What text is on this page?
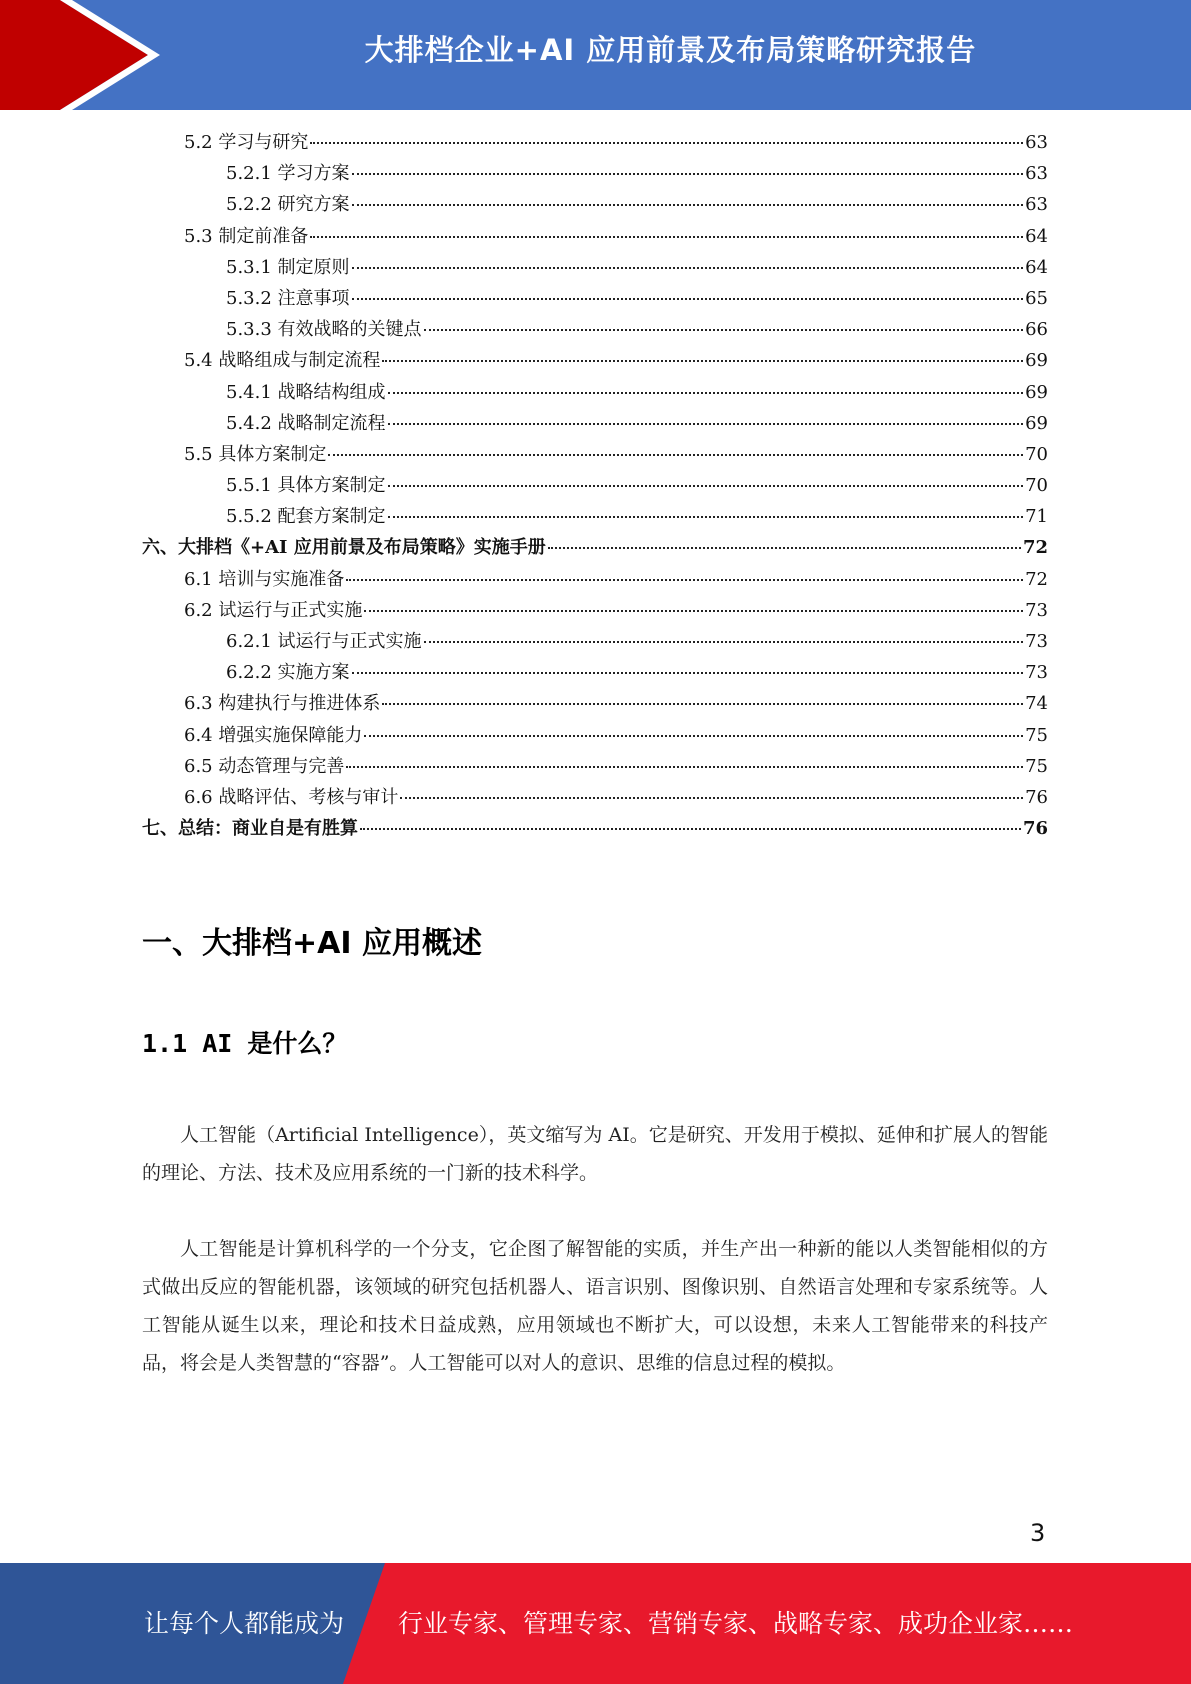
大排档企业+AI 应用前景及布局策略研究报告
5.2 学习与研究	63
5.2.1 学习方案	63
5.2.2 研究方案	63
5.3 制定前准备	64
5.3.1 制定原则	64
5.3.2 注意事项	65
5.3.3 有效战略的关键点	66
5.4 战略组成与制定流程	69
5.4.1 战略结构组成	69
5.4.2 战略制定流程	69
5.5 具体方案制定	70
5.5.1 具体方案制定	70
5.5.2 配套方案制定	71
六、大排档《+AI 应用前景及布局策略》实施手册	72
6.1 培训与实施准备	72
6.2 试运行与正式实施	73
6.2.1 试运行与正式实施	73
6.2.2 实施方案	73
6.3 构建执行与推进体系	74
6.4 增强实施保障能力	75
6.5 动态管理与完善	75
6.6 战略评估、考核与审计	76
七、总结：商业自是有胜算	76
一、大排档+AI 应用概述
1.1 AI 是什么？

人工智能（Artificial Intelligence），英文缩写为 AI。它是研究、开发用于模拟、延伸和扩展人的智能的理论、方法、技术及应用系统的一门新的技术科学。

人工智能是计算机科学的一个分支，它企图了解智能的实质，并生产出一种新的能以人类智能相似的方式做出反应的智能机器，该领域的研究包括机器人、语言识别、图像识别、自然语言处理和专家系统等。人工智能从诞生以来，理论和技术日益成熟，应用领域也不断扩大，可以设想，未来人工智能带来的科技产品，将会是人类智慧的“容器”。人工智能可以对人的意识、思维的信息过程的模拟。

3
让每个人都能成为 行业专家、管理专家、营销专家、战略专家、成功企业家……
